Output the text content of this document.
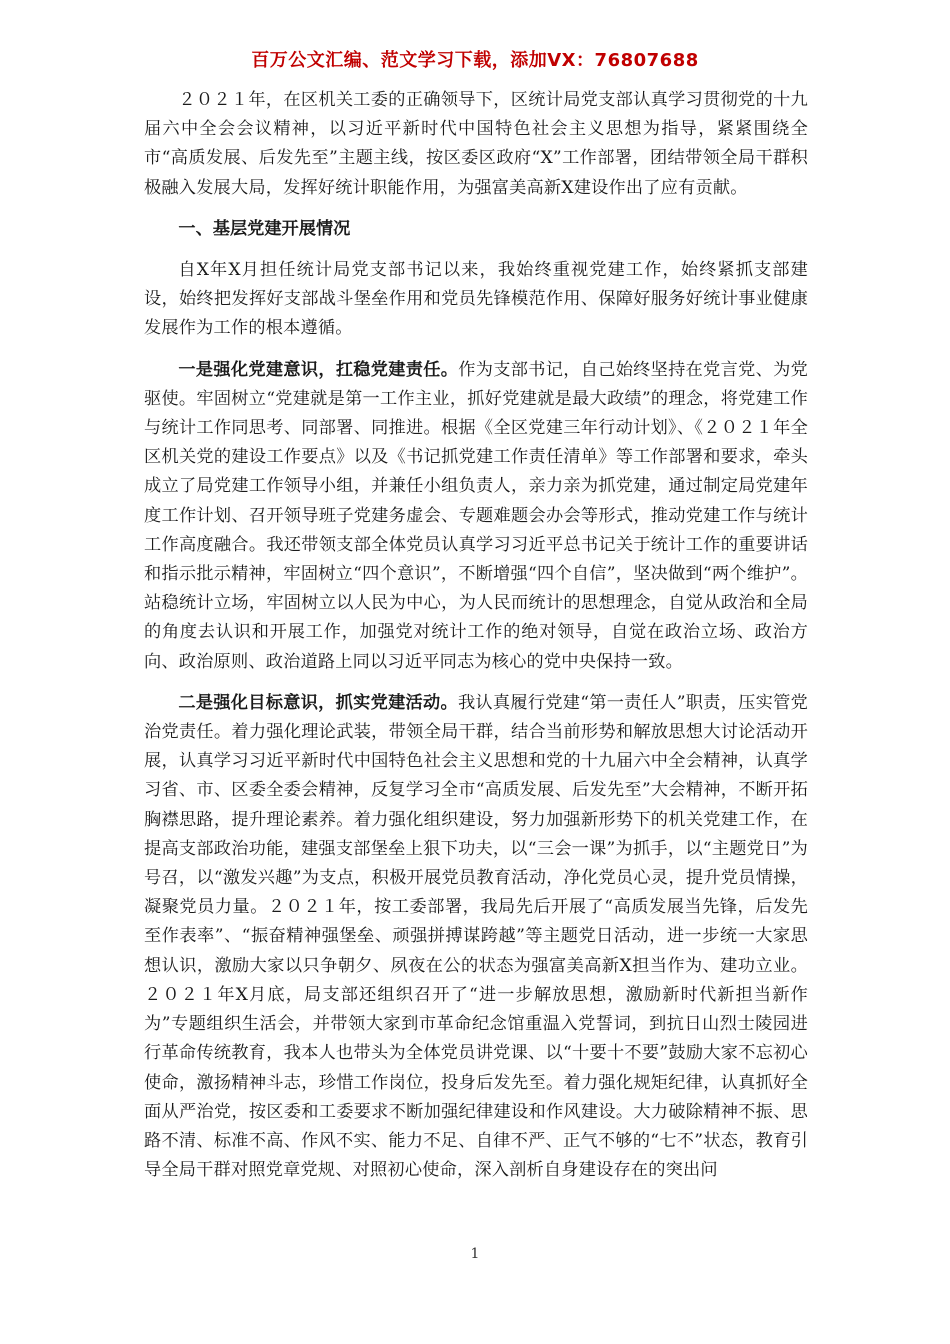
百万公文汇编、范文学习下载，添加VX：76807688

２０２１年，在区机关工委的正确领导下，区统计局党支部认真学习贯彻党的十九届六中全会会议精神，以习近平新时代中国特色社会主义思想为指导，紧紧围绕全市“高质发展、后发先至”主题主线，按区委区政府“X”工作部署，团结带领全局干群积极融入发展大局，发挥好统计职能作用，为强富美高新X建设作出了应有贡献。

一、基层党建开展情况

自X年X月担任统计局党支部书记以来，我始终重视党建工作，始终紧抓支部建设，始终把发挥好支部战斗堡垒作用和党员先锋模范作用、保障好服务好统计事业健康发展作为工作的根本遵循。

一是强化党建意识，扛稳党建责任。作为支部书记，自己始终坚持在党言党、为党驱使。牢固树立“党建就是第一工作主业，抓好党建就是最大政绩”的理念，将党建工作与统计工作同思考、同部署、同推进。根据《全区党建三年行动计划》、《２０２１年全区机关党的建设工作要点》以及《书记抓党建工作责任清单》等工作部署和要求，牵头成立了局党建工作领导小组，并兼任小组负责人，亲力亲为抓党建，通过制定局党建年度工作计划、召开领导班子党建务虚会、专题难题会办会等形式，推动党建工作与统计工作高度融合。我还带领支部全体党员认真学习习近平总书记关于统计工作的重要讲话和指示批示精神，牢固树立“四个意识”，不断增强“四个自信”，坚决做到“两个维护”。站稳统计立场，牢固树立以人民为中心，为人民而统计的思想理念，自觉从政治和全局的角度去认识和开展工作，加强党对统计工作的绝对领导，自觉在政治立场、政治方向、政治原则、政治道路上同以习近平同志为核心的党中央保持一致。

二是强化目标意识，抓实党建活动。我认真履行党建“第一责任人”职责，压实管党治党责任。着力强化理论武装，带领全局干群，结合当前形势和解放思想大讨论活动开展，认真学习习近平新时代中国特色社会主义思想和党的十九届六中全会精神，认真学习省、市、区委全委会精神，反复学习全市“高质发展、后发先至”大会精神，不断开拓胸襟思路，提升理论素养。着力强化组织建设，努力加强新形势下的机关党建工作，在提高支部政治功能，建强支部堡垒上狠下功夫，以“三会一课”为抓手，以“主题党日”为号召，以“激发兴趣”为支点，积极开展党员教育活动，净化党员心灵，提升党员情操，凝聚党员力量。２０２１年，按工委部署，我局先后开展了“高质发展当先锋，后发先至作表率”、“振奋精神强堡垒、顽强拼搏谋跨越”等主题党日活动，进一步统一大家思想认识，激励大家以只争朝夕、夙夜在公的状态为强富美高新X担当作为、建功立业。２０２１年X月底，局支部还组织召开了“进一步解放思想，激励新时代新担当新作为”专题组织生活会，并带领大家到市革命纪念馆重温入党誓词，到抗日山烈士陵园进行革命传统教育，我本人也带头为全体党员讲党课、以“十要十不要”鼓励大家不忘初心使命，激扬精神斗志，珍惜工作岗位，投身后发先至。着力强化规矩纪律，认真抓好全面从严治党，按区委和工委要求不断加强纪律建设和作风建设。大力破除精神不振、思路不清、标准不高、作风不实、能力不足、自律不严、正气不够的“七不”状态，教育引导全局干群对照党章党规、对照初心使命，深入剖析自身建设存在的突出问

1
